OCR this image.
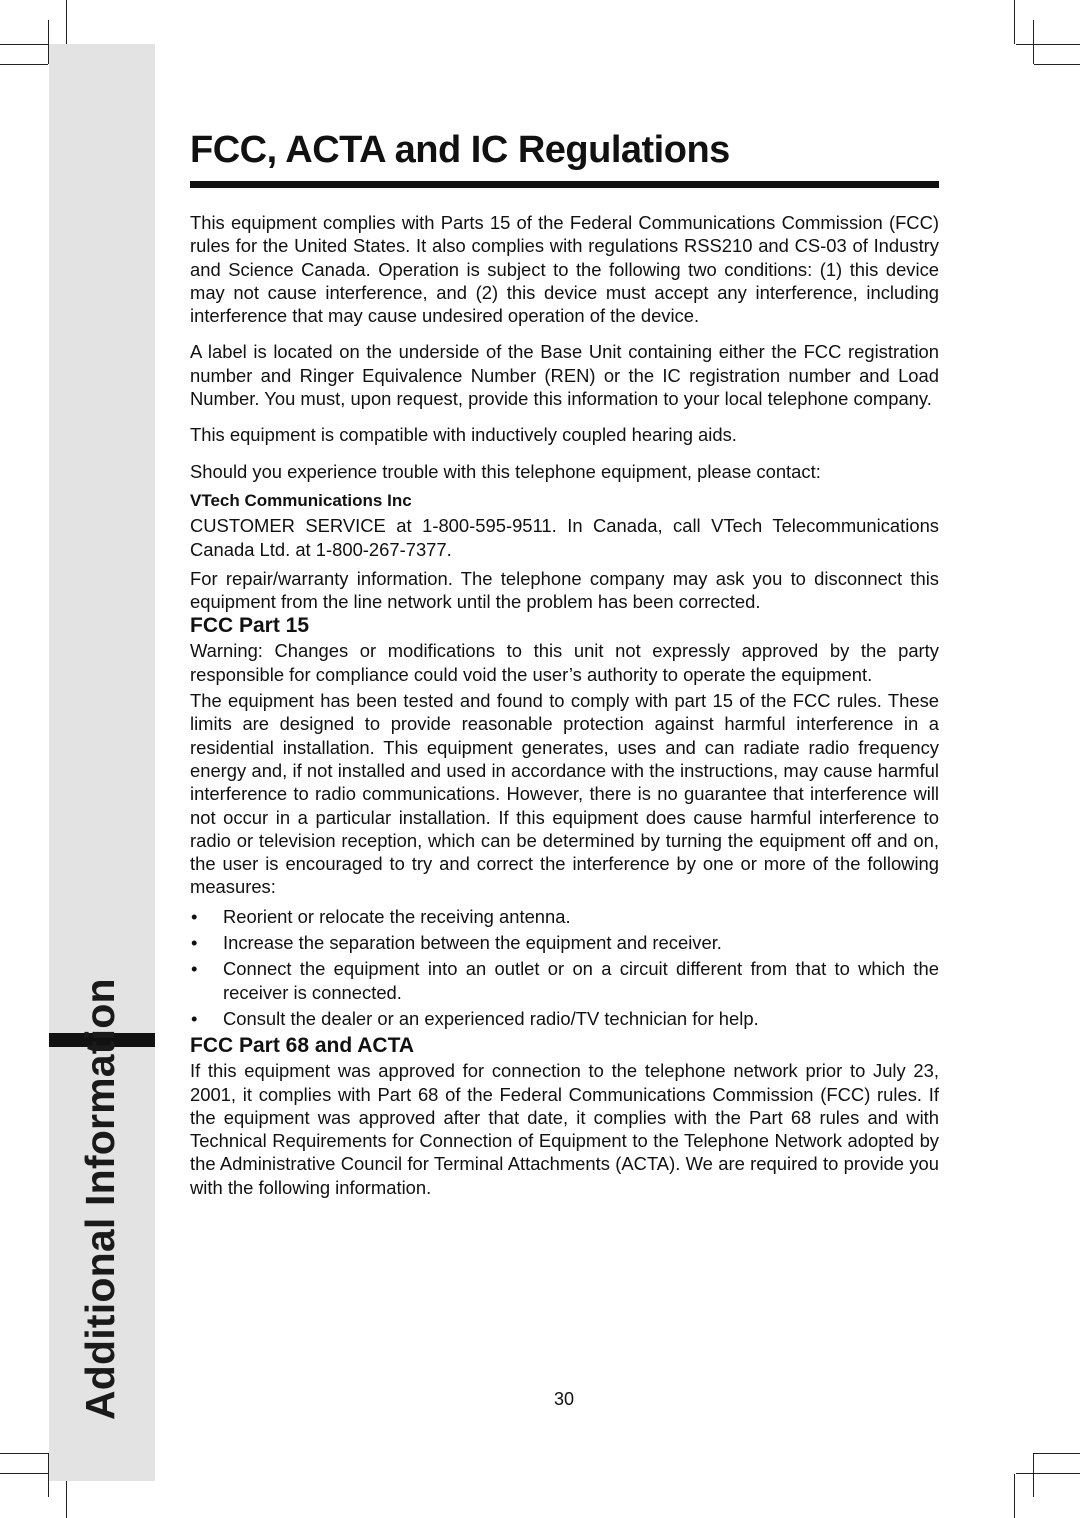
Additional Information
FCC, ACTA and IC Regulations

This equipment complies with Parts 15 of the Federal Communications Commission (FCC) rules for the United States. It also complies with regulations RSS210 and CS-03 of Industry and Science Canada. Operation is subject to the following two conditions: (1) this device may not cause interference, and (2) this device must accept any interference, including interference that may cause undesired operation of the device.

A label is located on the underside of the Base Unit containing either the FCC registration number and Ringer Equivalence Number (REN) or the IC registration number and Load Number. You must, upon request, provide this information to your local telephone company.

This equipment is compatible with inductively coupled hearing aids.

Should you experience trouble with this telephone equipment, please contact:

VTech Communications Inc

CUSTOMER SERVICE at 1-800-595-9511. In Canada, call VTech Telecommunications Canada Ltd. at 1-800-267-7377.

For repair/warranty information. The telephone company may ask you to disconnect this equipment from the line network until the problem has been corrected.

FCC Part 15

Warning: Changes or modifications to this unit not expressly approved by the party responsible for compliance could void the user’s authority to operate the equipment.

The equipment has been tested and found to comply with part 15 of the FCC rules. These limits are designed to provide reasonable protection against harmful interference in a residential installation. This equipment generates, uses and can radiate radio frequency energy and, if not installed and used in accordance with the instructions, may cause harmful interference to radio communications. However, there is no guarantee that interference will not occur in a particular installation. If this equipment does cause harmful interference to radio or television reception, which can be determined by turning the equipment off and on, the user is encouraged to try and correct the interference by one or more of the following measures:

• Reorient or relocate the receiving antenna.
• Increase the separation between the equipment and receiver.
• Connect the equipment into an outlet or on a circuit different from that to which the receiver is connected.
• Consult the dealer or an experienced radio/TV technician for help.
FCC Part 68 and ACTA

If this equipment was approved for connection to the telephone network prior to July 23, 2001, it complies with Part 68 of the Federal Communications Commission (FCC) rules. If the equipment was approved after that date, it complies with the Part 68 rules and with Technical Requirements for Connection of Equipment to the Telephone Network adopted by the Administrative Council for Terminal Attachments (ACTA). We are required to provide you with the following information.

30
